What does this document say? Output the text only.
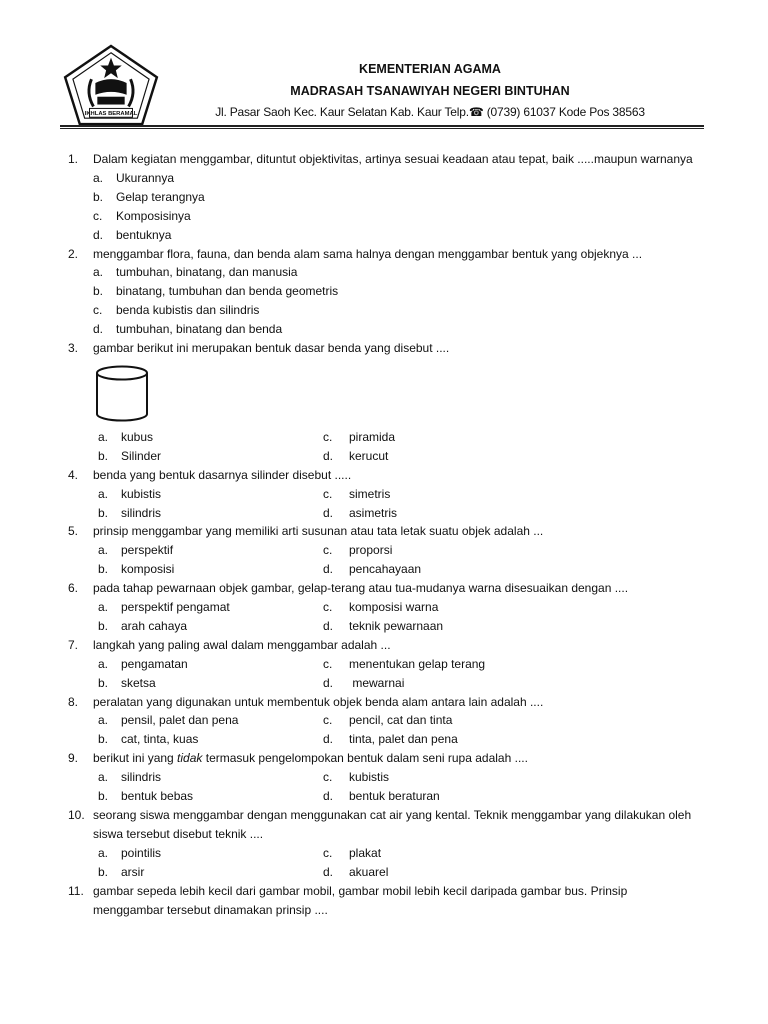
IKHLAS BERAMAL
KEMENTERIAN AGAMA
MADRASAH TSANAWIYAH NEGERI BINTUHAN
Jl. Pasar Saoh Kec. Kaur Selatan Kab. Kaur Telp.☎ (0739) 61037 Kode Pos 38563
1. Dalam kegiatan menggambar, dituntut objektivitas, artinya sesuai keadaan atau tepat, baik .....maupun warnanya
a. Ukurannya
b. Gelap terangnya
c. Komposisinya
d. bentuknya
2. menggambar flora, fauna, dan benda alam sama halnya dengan menggambar bentuk yang objeknya ...
a. tumbuhan, binatang, dan manusia
b. binatang, tumbuhan dan benda geometris
c. benda kubistis dan silindris
d. tumbuhan, binatang dan benda
3. gambar berikut ini merupakan bentuk dasar benda yang disebut ....
a. kubus
b. Silinder
c. piramida
d. kerucut
4. benda yang bentuk dasarnya silinder disebut .....
a. kubistis
b. silindris
c. simetris
d. asimetris
5. prinsip menggambar yang memiliki arti susunan atau tata letak suatu objek adalah ...
a. perspektif
b. komposisi
c. proporsi
d. pencahayaan
6. pada tahap pewarnaan objek gambar, gelap-terang atau tua-mudanya warna disesuaikan dengan ....
a. perspektif pengamat
b. arah cahaya
c. komposisi warna
d. teknik pewarnaan
7. langkah yang paling awal dalam menggambar adalah ...
a. pengamatan
b. sketsa
c. menentukan gelap terang
d. mewarnai
8. peralatan yang digunakan untuk membentuk objek benda alam antara lain adalah ....
a. pensil, palet dan pena
b. cat, tinta, kuas
c. pencil, cat dan tinta
d. tinta, palet dan pena
9. berikut ini yang tidak termasuk pengelompokan bentuk dalam seni rupa adalah ....
a. silindris
b. bentuk bebas
c. kubistis
d. bentuk beraturan
10. seorang siswa menggambar dengan menggunakan cat air yang kental. Teknik menggambar yang dilakukan oleh siswa tersebut disebut teknik ....
a. pointilis
b. arsir
c. plakat
d. akuarel
11. gambar sepeda lebih kecil dari gambar mobil, gambar mobil lebih kecil daripada gambar bus. Prinsip menggambar tersebut dinamakan prinsip ....
